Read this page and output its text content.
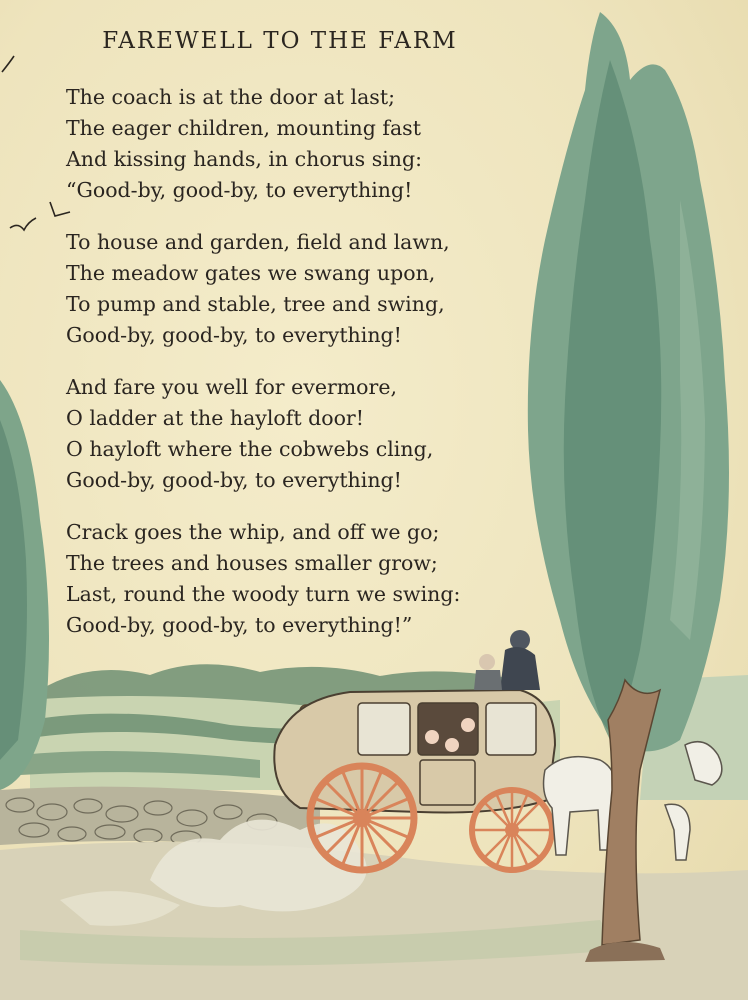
FAREWELL TO THE FARM
The coach is at the door at last;
The eager children, mounting fast
And kissing hands, in chorus sing:
“Good-by, good-by, to everything!
To house and garden, field and lawn,
The meadow gates we swang upon,
To pump and stable, tree and swing,
Good-by, good-by, to everything!
And fare you well for evermore,
O ladder at the hayloft door!
O hayloft where the cobwebs cling,
Good-by, good-by, to everything!
Crack goes the whip, and off we go;
The trees and houses smaller grow;
Last, round the woody turn we swing:
Good-by, good-by, to everything!”
